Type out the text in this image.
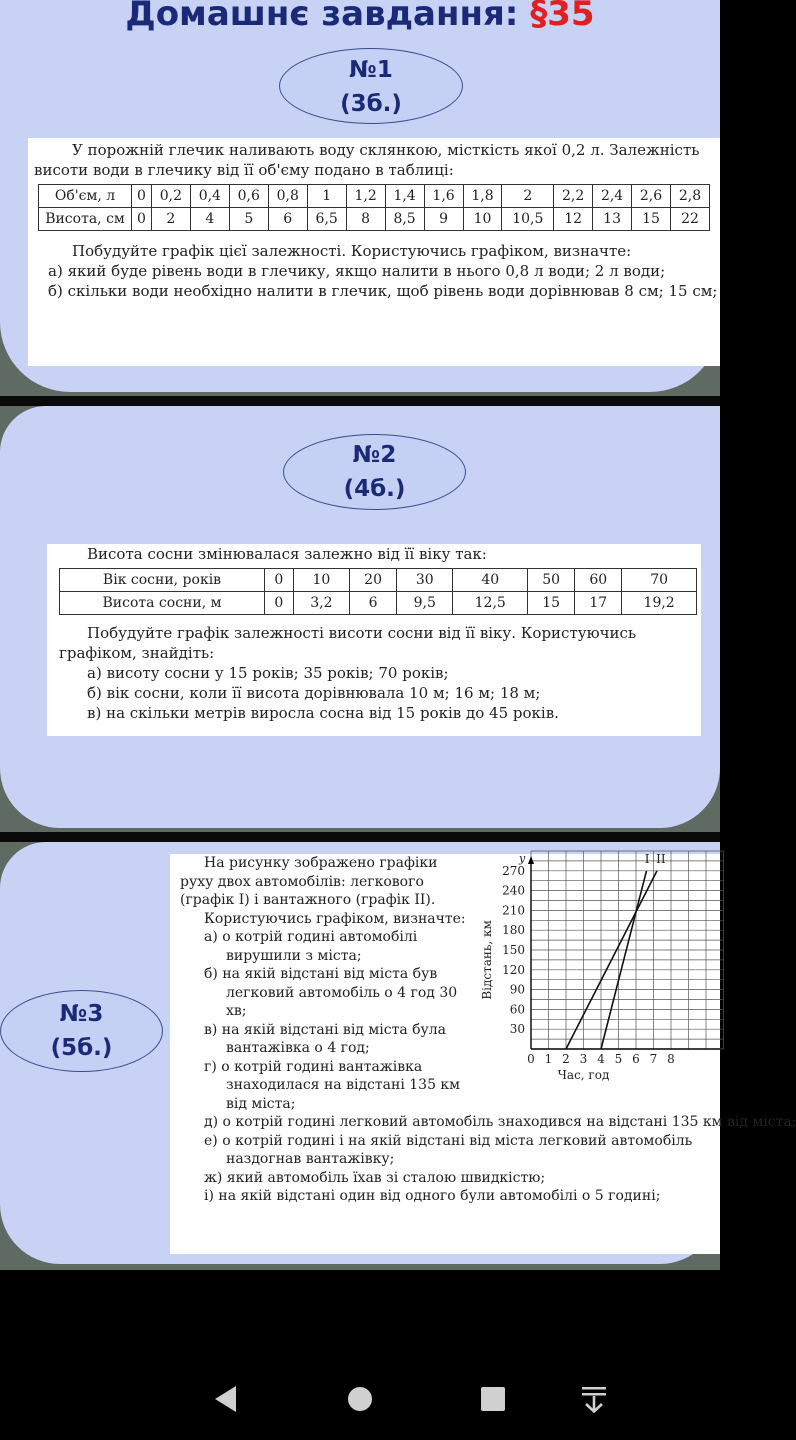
Домашнє завдання: §35
№1
(3б.)

У порожній глечик наливають воду склянкою, місткість якої 0,2 л. Залежність висоти води в глечику від її об'єму подано в таблиці:

Об'єм, л	0	0,2	0,4	0,6	0,8	1	1,2	1,4	1,6	1,8	2	2,2	2,4	2,6	2,8
Висота, см	0	2	4	5	6	6,5	8	8,5	9	10	10,5	12	13	15	22

Побудуйте графік цієї залежності. Користуючись графіком, визначте:

а) який буде рівень води в глечику, якщо налити в нього 0,8 л води; 2 л води;

б) скільки води необхідно налити в глечик, щоб рівень води дорівнював 8 см; 15 см;

№2
(4б.)

Висота сосни змінювалася залежно від її віку так:

Вік сосни, років	0	10	20	30	40	50	60	70
Висота сосни, м	0	3,2	6	9,5	12,5	15	17	19,2

Побудуйте графік залежності висоти сосни від її віку. Користуючись графіком, знайдіть:

а) висоту сосни у 15 років; 35 років; 70 років;

б) вік сосни, коли її висота дорівнювала 10 м; 16 м; 18 м;

в) на скільки метрів виросла сосна від 15 років до 45 років.

№3
(5б.)

На рисунку зображено графіки руху двох автомобілів: легкового (графік І) і вантажного (графік ІІ).

Користуючись графіком, визначте:

а) о котрій годині автомобілі вирушили з міста;

б) на якій відстані від міста був легковий автомобіль о 4 год 30 хв;

в) на якій відстані від міста була вантажівка о 4 год;

г) о котрій годині вантажівка знаходилася на відстані 135 км від міста;

д) о котрій годині легковий автомобіль знаходився на відстані 135 км від міста;

е) о котрій годині і на якій відстані від міста легковий автомобіль наздогнав вантажівку;

ж) який автомобіль їхав зі сталою швидкістю;

і) на якій відстані один від одного були автомобілі о 5 годині;

30
60
90
120
150
180
210
240
270
0 1 2 3 4 5 6 7 8
y
Відстань, км
Час, год
I II
